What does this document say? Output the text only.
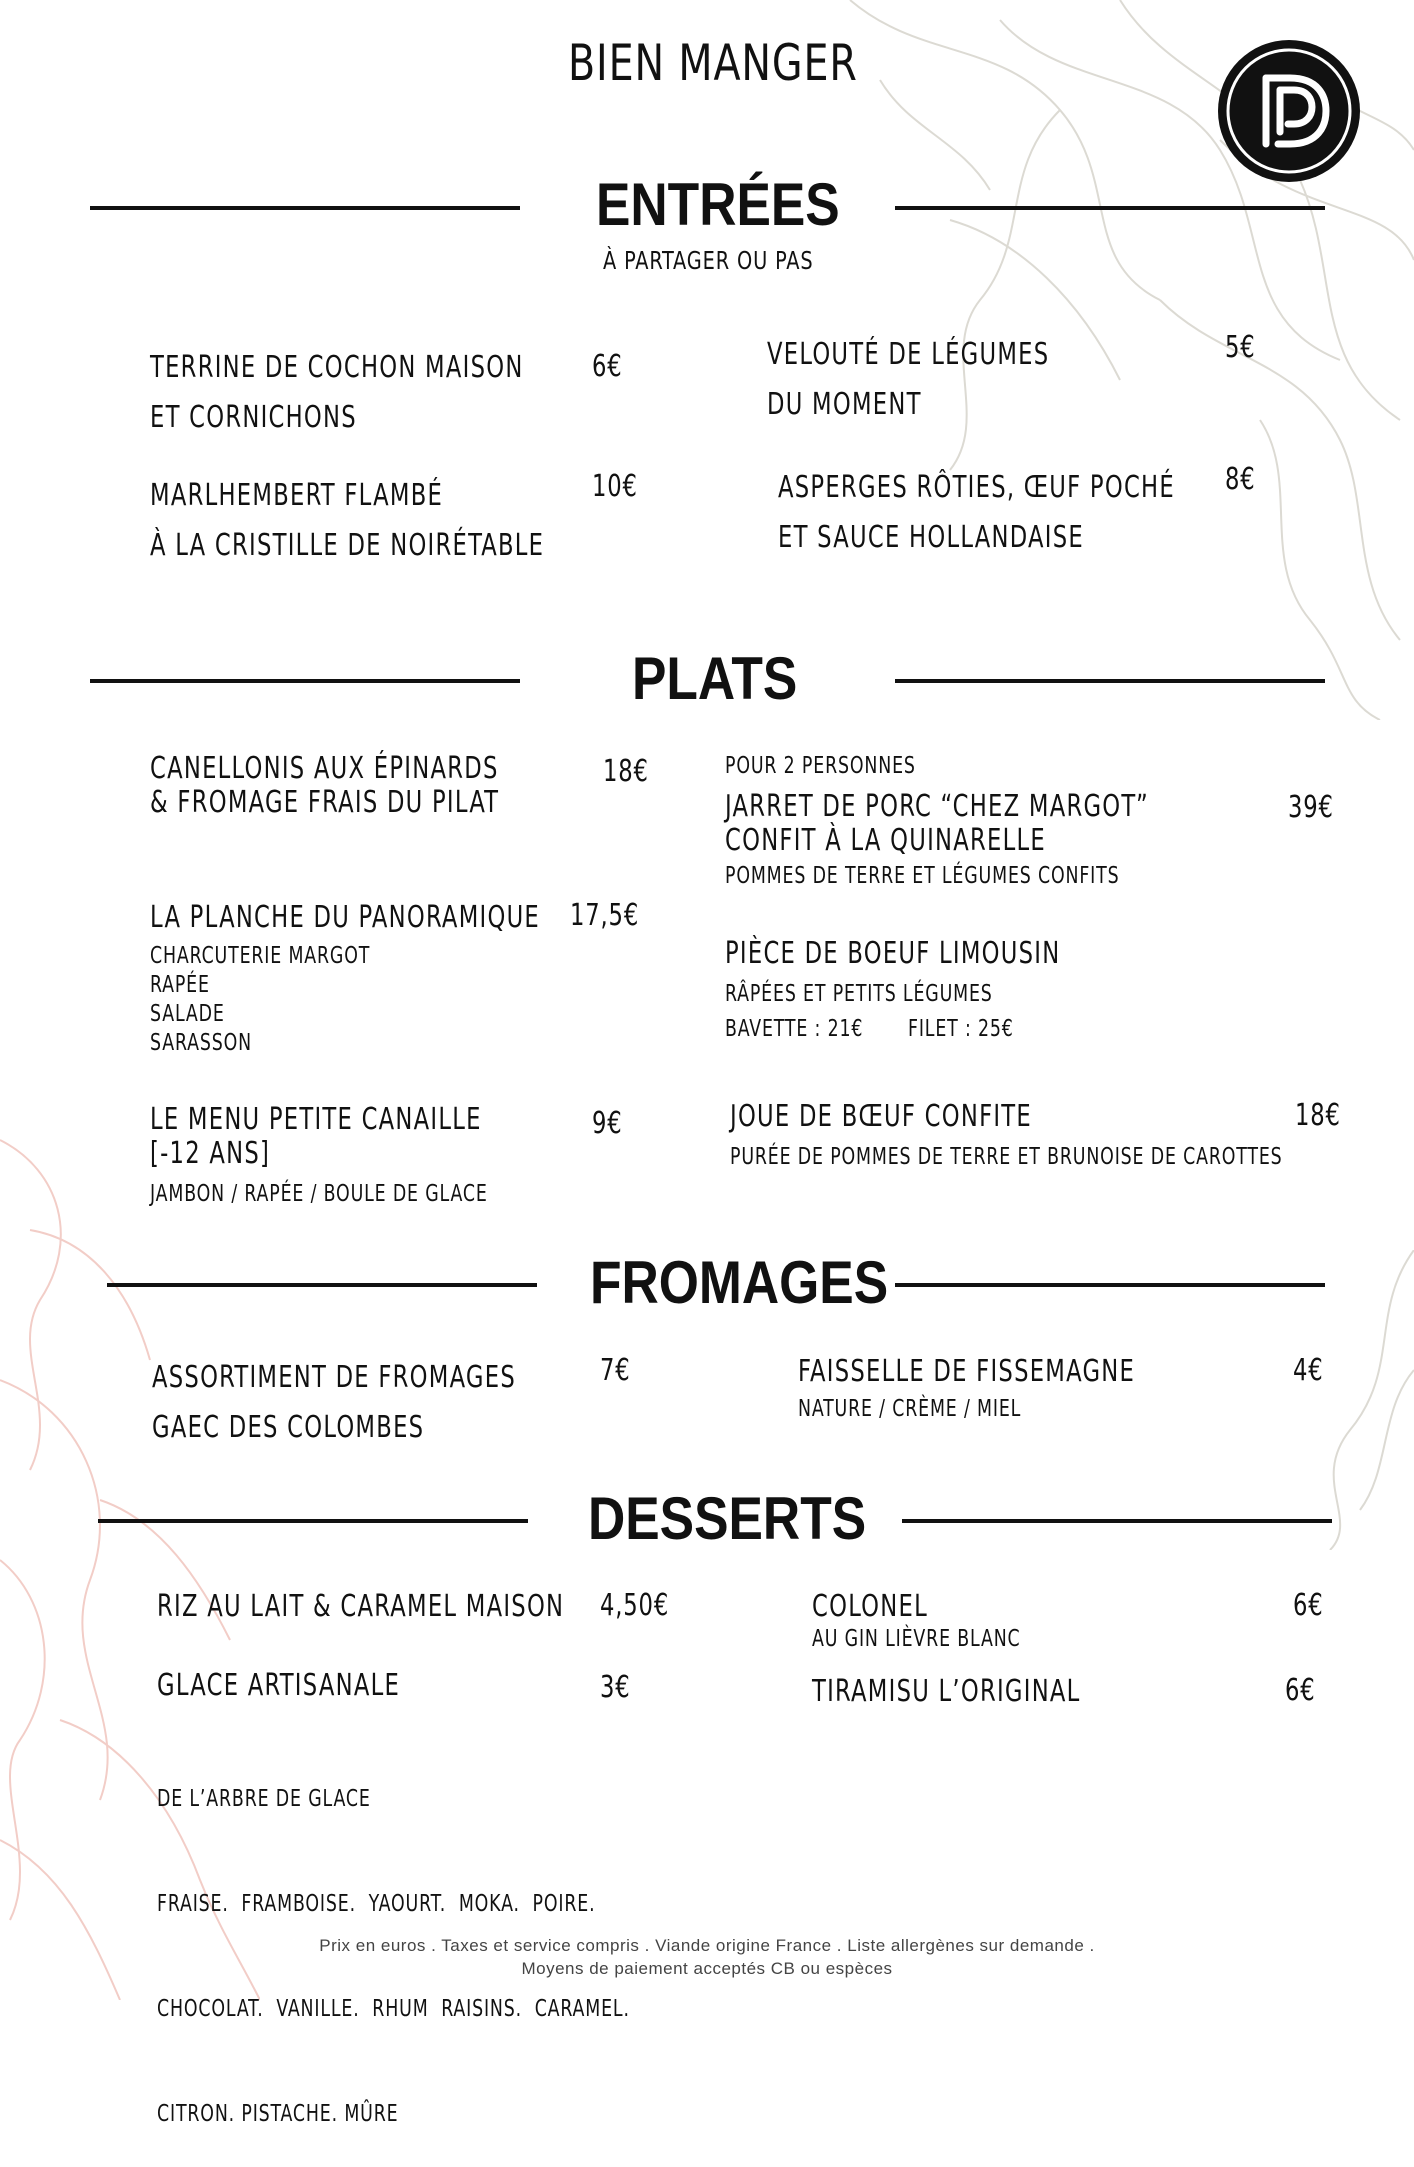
BIEN MANGER
ENTRÉES
À PARTAGER OU PAS
TERRINE DE COCHON MAISON
ET CORNICHONS
6€
MARLHEMBERT FLAMBÉ
À LA CRISTILLE DE NOIRÉTABLE
10€
VELOUTÉ DE LÉGUMES
DU MOMENT
5€
ASPERGES RÔTIES, ŒUF POCHÉ
ET SAUCE HOLLANDAISE
8€
PLATS
CANELLONIS AUX ÉPINARDS
& FROMAGE FRAIS DU PILAT
18€
LA PLANCHE DU PANORAMIQUE 17,5€
CHARCUTERIE MARGOT
RAPÉE
SALADE
SARASSON
LE MENU PETITE CANAILLE
[-12 ANS]
9€
JAMBON / RAPÉE / BOULE DE GLACE
POUR 2 PERSONNES
JARRET DE PORC “CHEZ MARGOT”
CONFIT À LA QUINARELLE
39€
POMMES DE TERRE ET LÉGUMES CONFITS
PIÈCE DE BOEUF LIMOUSIN
RÂPÉES ET PETITS LÉGUMES
BAVETTE : 21€ FILET : 25€
JOUE DE BŒUF CONFITE	18€
PURÉE DE POMMES DE TERRE ET BRUNOISE DE CAROTTES
FROMAGES
ASSORTIMENT DE FROMAGES
GAEC DES COLOMBES
7€	FAISSELLE DE FISSEMAGNE	4€
NATURE / CRÈME / MIEL
DESSERTS
RIZ AU LAIT & CARAMEL MAISON 4,50€
GLACE ARTISANALE	3€

DE L’ARBRE DE GLACE

FRAISE.  FRAMBOISE.  YAOURT.  MOKA.  POIRE.

CHOCOLAT.  VANILLE.  RHUM  RAISINS.  CARAMEL.

CITRON. PISTACHE. MÛRE

COLONEL	6€
AU GIN LIÈVRE BLANC
TIRAMISU L’ORIGINAL	6€
Prix en euros . Taxes et service compris . Viande origine France . Liste allergènes sur demande .
Moyens de paiement acceptés CB ou espèces
